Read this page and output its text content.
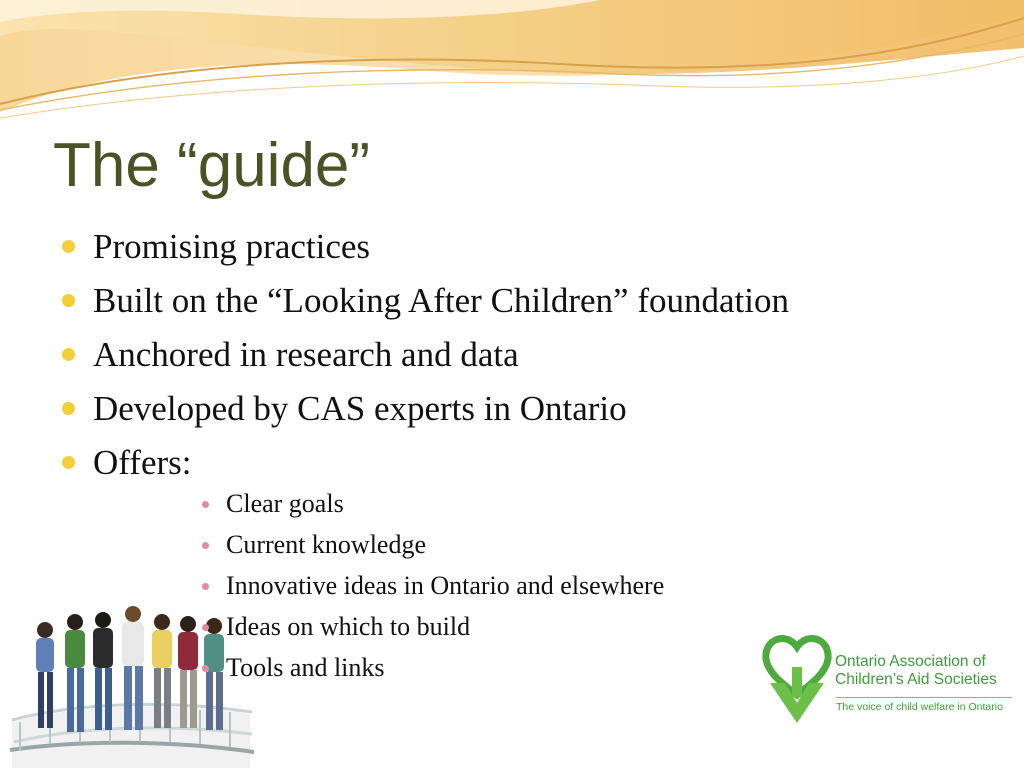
The “guide”
Promising practices
Built on the “Looking After Children” foundation
Anchored in research and data
Developed by CAS experts in Ontario
Offers:
Clear goals
Current knowledge
Innovative ideas in Ontario and elsewhere
Ideas on which to build
Tools and links	Ontario Association of
Children’s Aid Societies
The voice of child welfare in Ontario
